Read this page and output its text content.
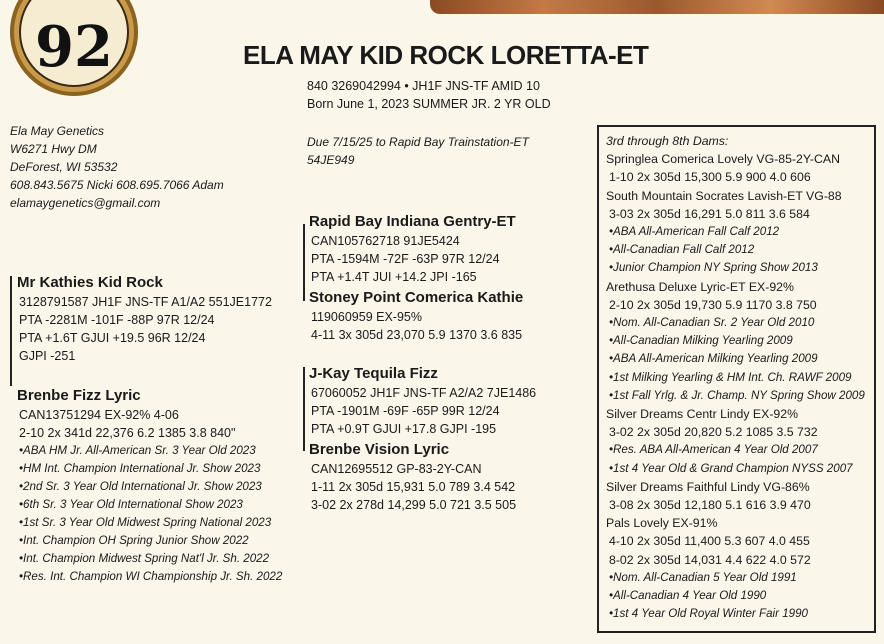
92	ELA MAY KID ROCK LORETTA-ET
840 3269042994 • JH1F JNS-TF AMID 10
Born June 1, 2023 SUMMER JR. 2 YR OLD
Ela May Genetics
W6271 Hwy DM
DeForest, WI 53532
608.843.5675 Nicki 608.695.7066 Adam
elamaygenetics@gmail.com
Due 7/15/25 to Rapid Bay Trainstation-ET
54JE949
Mr Kathies Kid Rock
3128791587 JH1F JNS-TF A1/A2 551JE1772
PTA -2281M -101F -88P 97R 12/24
PTA +1.6T GJUI +19.5 96R 12/24
GJPI -251
Brenbe Fizz Lyric
CAN13751294 EX-92% 4-06
2-10 2x 341d 22,376 6.2 1385 3.8 840"
•ABA HM Jr. All-American Sr. 3 Year Old 2023
•HM Int. Champion International Jr. Show 2023
•2nd Sr. 3 Year Old International Jr. Show 2023
•6th Sr. 3 Year Old International Show 2023
•1st Sr. 3 Year Old Midwest Spring National 2023
•Int. Champion OH Spring Junior Show 2022
•Int. Champion Midwest Spring Nat'l Jr. Sh. 2022
•Res. Int. Champion WI Championship Jr. Sh. 2022
Rapid Bay Indiana Gentry-ET
CAN105762718 91JE5424
PTA -1594M -72F -63P 97R 12/24
PTA +1.4T JUI +14.2 JPI -165
Stoney Point Comerica Kathie
119060959 EX-95%
4-11 3x 305d 23,070 5.9 1370 3.6 835
J-Kay Tequila Fizz
67060052 JH1F JNS-TF A2/A2 7JE1486
PTA -1901M -69F -65P 99R 12/24
PTA +0.9T GJUI +17.8 GJPI -195
Brenbe Vision Lyric
CAN12695512 GP-83-2Y-CAN
1-11 2x 305d 15,931 5.0 789 3.4 542
3-02 2x 278d 14,299 5.0 721 3.5 505
3rd through 8th Dams:
Springlea Comerica Lovely VG-85-2Y-CAN
1-10 2x 305d 15,300 5.9 900 4.0 606
South Mountain Socrates Lavish-ET VG-88
3-03 2x 305d 16,291 5.0 811 3.6 584
•ABA All-American Fall Calf 2012
•All-Canadian Fall Calf 2012
•Junior Champion NY Spring Show 2013
Arethusa Deluxe Lyric-ET EX-92%
2-10 2x 305d 19,730 5.9 1170 3.8 750
•Nom. All-Canadian Sr. 2 Year Old 2010
•All-Canadian Milking Yearling 2009
•ABA All-American Milking Yearling 2009
•1st Milking Yearling & HM Int. Ch. RAWF 2009
•1st Fall Yrlg. & Jr. Champ. NY Spring Show 2009
Silver Dreams Centr Lindy EX-92%
3-02 2x 305d 20,820 5.2 1085 3.5 732
•Res. ABA All-American 4 Year Old 2007
•1st 4 Year Old & Grand Champion NYSS 2007
Silver Dreams Faithful Lindy VG-86%
3-08 2x 305d 12,180 5.1 616 3.9 470
Pals Lovely EX-91%
4-10 2x 305d 11,400 5.3 607 4.0 455
8-02 2x 305d 14,031 4.4 622 4.0 572
•Nom. All-Canadian 5 Year Old 1991
•All-Canadian 4 Year Old 1990
•1st 4 Year Old Royal Winter Fair 1990
